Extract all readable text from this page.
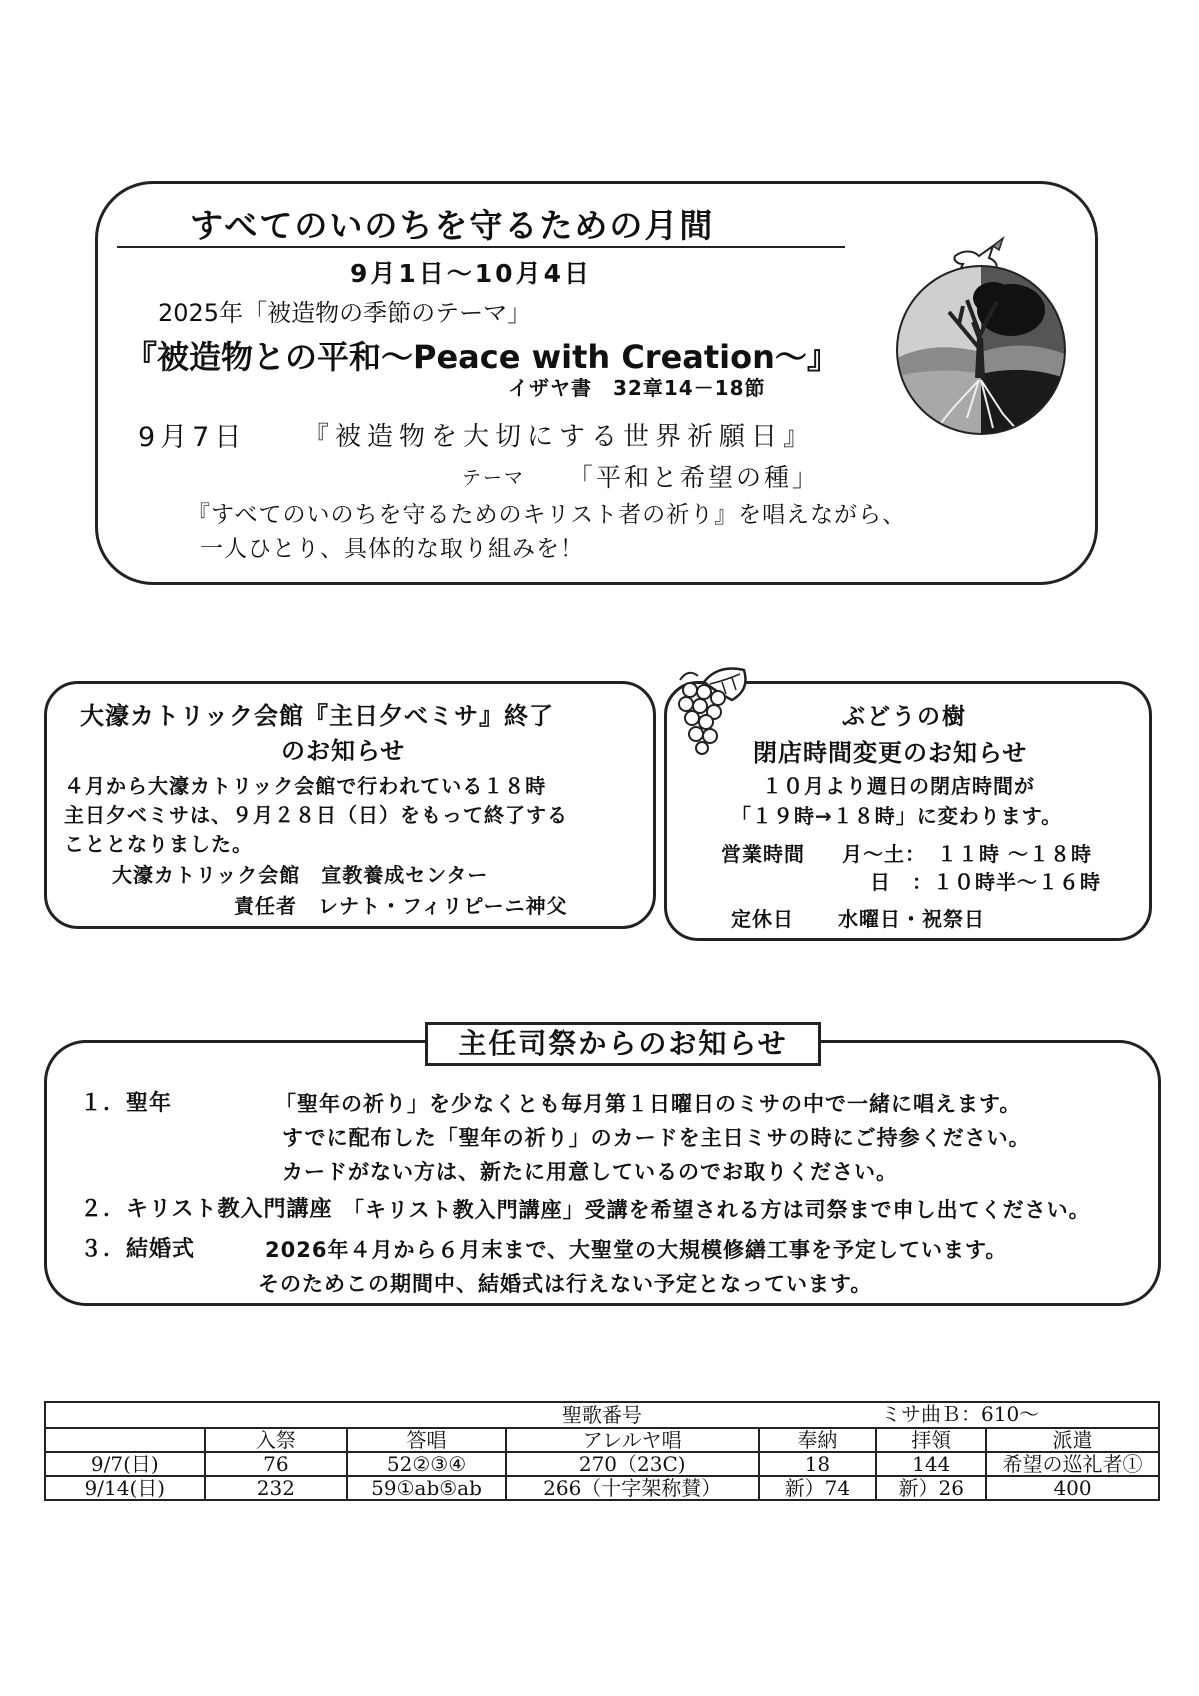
すべてのいのちを守るための月間
9月1日～10月4日
2025年「被造物の季節のテーマ」
『被造物との平和～Peace with Creation～』
イザヤ書　32章14－18節
9月7日 『被造物を大切にする世界祈願日』
テーマ 「平和と希望の種」
『すべてのいのちを守るためのキリスト者の祈り』を唱えながら、
一人ひとり、具体的な取り組みを！
大濠カトリック会館『主日夕べミサ』終了
のお知らせ
４月から大濠カトリック会館で行われている１８時
主日夕べミサは、９月２８日（日）をもって終了する
こととなりました。
大濠カトリック会館　宣教養成センター
責任者　レナト・フィリピーニ神父
ぶどうの樹
閉店時間変更のお知らせ
１０月より週日の閉店時間が
「１９時→１８時」に変わります。
営業時間 月～土：　１１時 ～１８時
日　：１０時半～１６時
定休日 水曜日・祝祭日
主任司祭からのお知らせ
１．聖年	「聖年の祈り」を少なくとも毎月第１日曜日のミサの中で一緒に唱えます。
すでに配布した「聖年の祈り」のカードを主日ミサの時にご持参ください。
カードがない方は、新たに用意しているのでお取りください。
２．キリスト教入門講座 「キリスト教入門講座」受講を希望される方は司祭まで申し出てください。
３．結婚式	2026年４月から６月末まで、大聖堂の大規模修繕工事を予定しています。
そのためこの期間中、結婚式は行えない予定となっています。
聖歌番号 ミサ曲Ｂ：610～						

	入祭	答唱	アレルヤ唱	奉納	拝領	派遣
9/7(日)	76	52②③④	270（23C)	18	144	希望の巡礼者①
9/14(日)	232	59①ab⑤ab	266（十字架称賛）	新）74	新）26	400
